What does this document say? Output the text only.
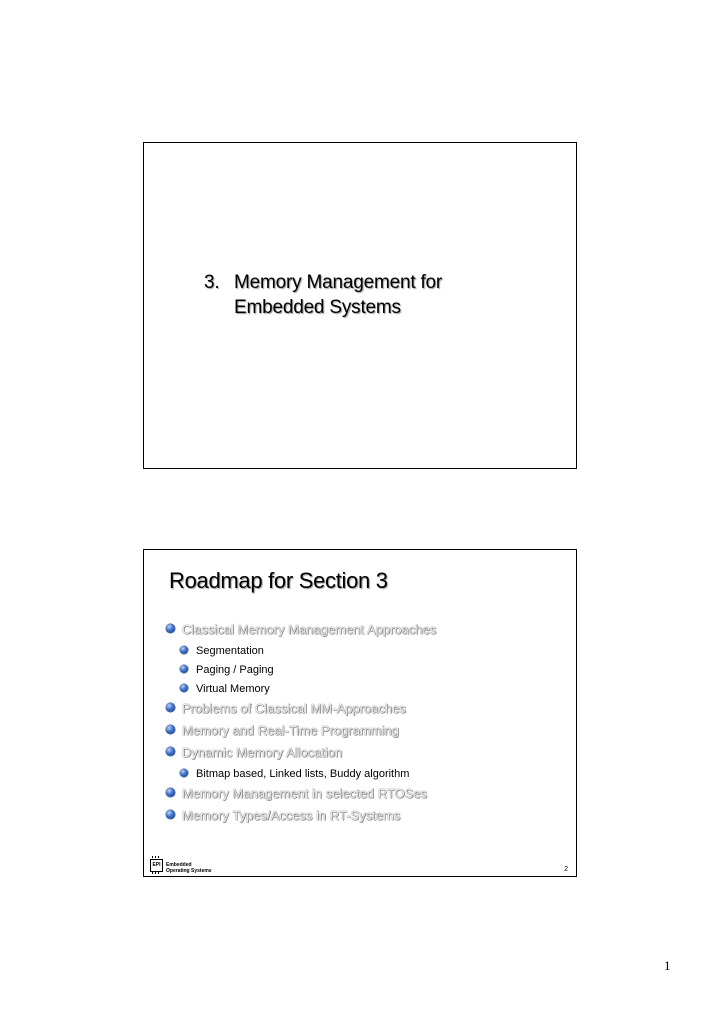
3. Memory Management for
Embedded Systems
Roadmap for Section 3
Classical Memory Management Approaches
Segmentation
Paging / Paging
Virtual Memory
Problems of Classical MM-Approaches
Memory and Real-Time Programming
Dynamic Memory Allocation
Bitmap based, Linked lists, Buddy algorithm
Memory Management in selected RTOSes
Memory Types/Access in RT-Systems
EPI	Embedded
Operating Systems	2
1
